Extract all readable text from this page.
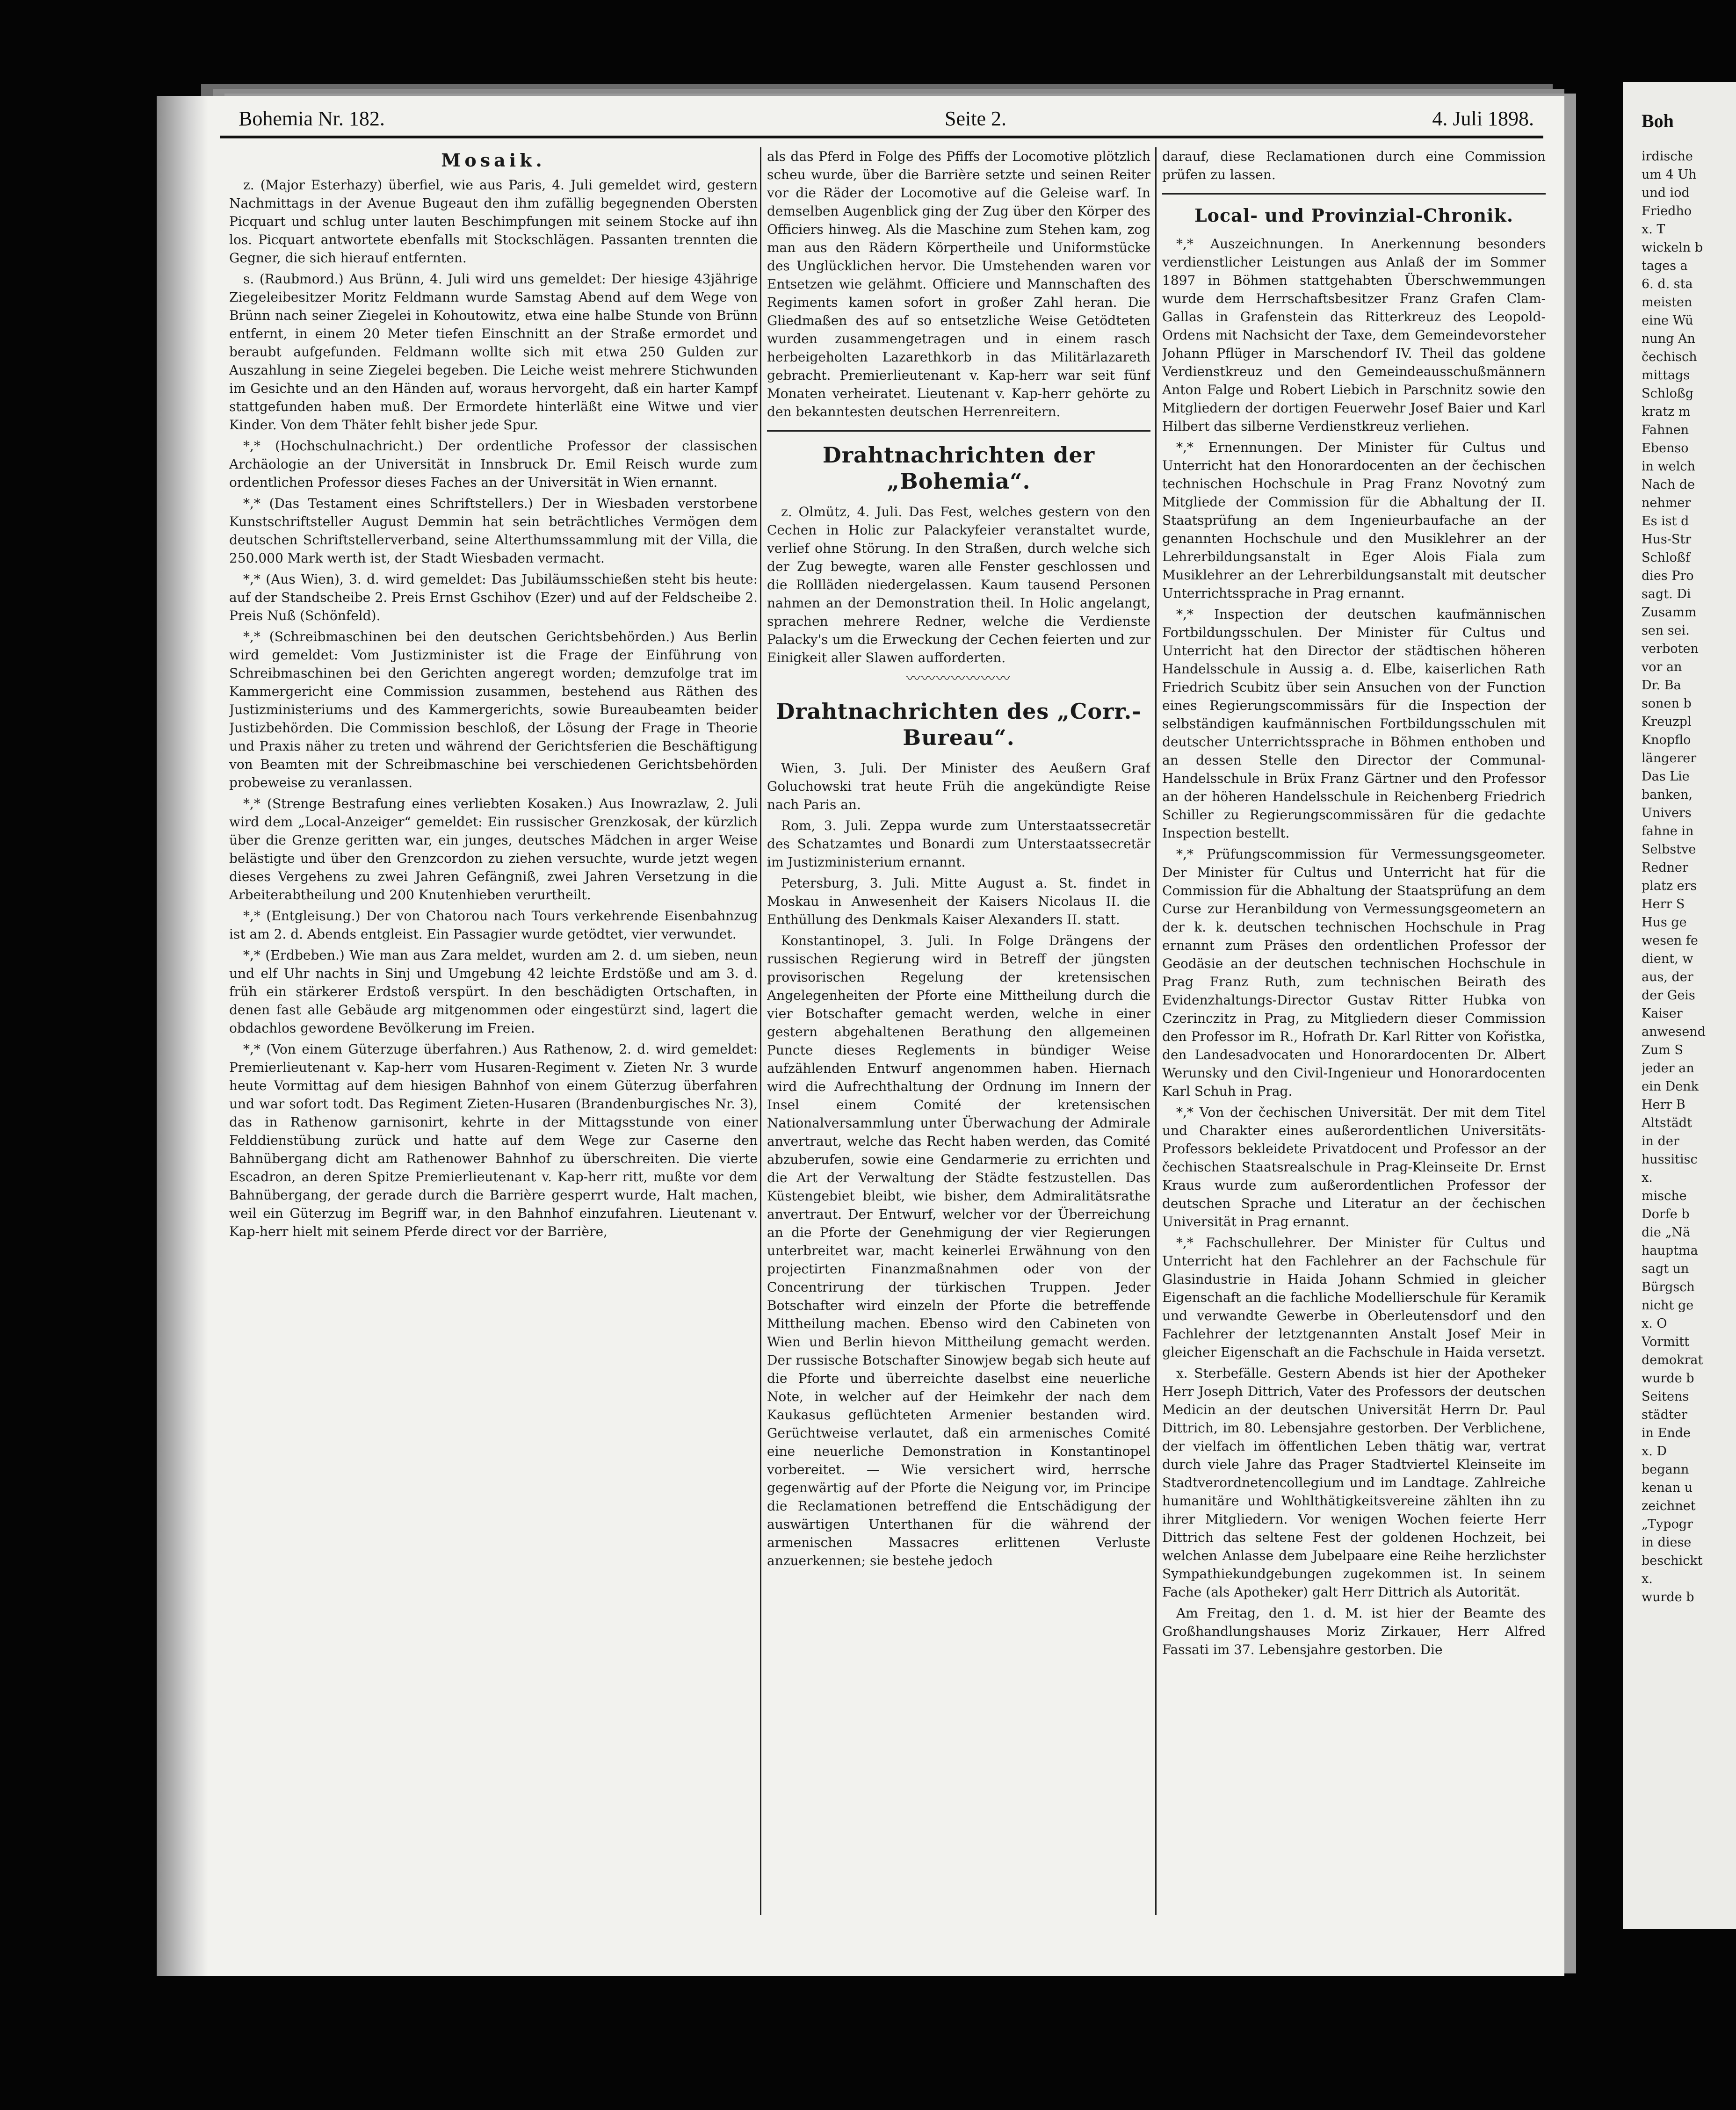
Bohemia Nr. 182.	Seite 2.	4. Juli 1898.
Mosaik.

z. (Major Esterhazy) überfiel, wie aus Paris, 4. Juli gemeldet wird, gestern Nachmittags in der Avenue Bugeaut den ihm zufällig begegnenden Obersten Picquart und schlug unter lauten Beschimpfungen mit seinem Stocke auf ihn los. Picquart antwortete ebenfalls mit Stockschlägen. Passanten trennten die Gegner, die sich hierauf entfernten.

s. (Raubmord.) Aus Brünn, 4. Juli wird uns gemeldet: Der hiesige 43jährige Ziegeleibesitzer Moritz Feldmann wurde Samstag Abend auf dem Wege von Brünn nach seiner Ziegelei in Kohoutowitz, etwa eine halbe Stunde von Brünn entfernt, in einem 20 Meter tiefen Einschnitt an der Straße ermordet und beraubt aufgefunden. Feldmann wollte sich mit etwa 250 Gulden zur Auszahlung in seine Ziegelei begeben. Die Leiche weist mehrere Stichwunden im Gesichte und an den Händen auf, woraus hervorgeht, daß ein harter Kampf stattgefunden haben muß. Der Ermordete hinterläßt eine Witwe und vier Kinder. Von dem Thäter fehlt bisher jede Spur.

*,* (Hochschulnachricht.) Der ordentliche Professor der classischen Archäologie an der Universität in Innsbruck Dr. Emil Reisch wurde zum ordentlichen Professor dieses Faches an der Universität in Wien ernannt.

*,* (Das Testament eines Schriftstellers.) Der in Wiesbaden verstorbene Kunstschriftsteller August Demmin hat sein beträchtliches Vermögen dem deutschen Schriftstellerverband, seine Alterthumssammlung mit der Villa, die 250.000 Mark werth ist, der Stadt Wiesbaden vermacht.

*,* (Aus Wien), 3. d. wird gemeldet: Das Jubiläumsschießen steht bis heute: auf der Standscheibe 2. Preis Ernst Gschihov (Ezer) und auf der Feldscheibe 2. Preis Nuß (Schönfeld).

*,* (Schreibmaschinen bei den deutschen Gerichtsbehörden.) Aus Berlin wird gemeldet: Vom Justizminister ist die Frage der Einführung von Schreibmaschinen bei den Gerichten angeregt worden; demzufolge trat im Kammergericht eine Commission zusammen, bestehend aus Räthen des Justizministeriums und des Kammergerichts, sowie Bureaubeamten beider Justizbehörden. Die Commission beschloß, der Lösung der Frage in Theorie und Praxis näher zu treten und während der Gerichtsferien die Beschäftigung von Beamten mit der Schreibmaschine bei verschiedenen Gerichtsbehörden probeweise zu veranlassen.

*,* (Strenge Bestrafung eines verliebten Kosaken.) Aus Inowrazlaw, 2. Juli wird dem „Local-Anzeiger“ gemeldet: Ein russischer Grenzkosak, der kürzlich über die Grenze geritten war, ein junges, deutsches Mädchen in arger Weise belästigte und über den Grenzcordon zu ziehen versuchte, wurde jetzt wegen dieses Vergehens zu zwei Jahren Gefängniß, zwei Jahren Versetzung in die Arbeiterabtheilung und 200 Knutenhieben verurtheilt.

*,* (Entgleisung.) Der von Chatorou nach Tours verkehrende Eisenbahnzug ist am 2. d. Abends entgleist. Ein Passagier wurde getödtet, vier verwundet.

*,* (Erdbeben.) Wie man aus Zara meldet, wurden am 2. d. um sieben, neun und elf Uhr nachts in Sinj und Umgebung 42 leichte Erdstöße und am 3. d. früh ein stärkerer Erdstoß verspürt. In den beschädigten Ortschaften, in denen fast alle Gebäude arg mitgenommen oder eingestürzt sind, lagert die obdachlos gewordene Bevölkerung im Freien.

*,* (Von einem Güterzuge überfahren.) Aus Rathenow, 2. d. wird gemeldet: Premierlieutenant v. Kap-herr vom Husaren-Regiment v. Zieten Nr. 3 wurde heute Vormittag auf dem hiesigen Bahnhof von einem Güterzug überfahren und war sofort todt. Das Regiment Zieten-Husaren (Brandenburgisches Nr. 3), das in Rathenow garnisonirt, kehrte in der Mittagsstunde von einer Felddienstübung zurück und hatte auf dem Wege zur Caserne den Bahnübergang dicht am Rathenower Bahnhof zu überschreiten. Die vierte Escadron, an deren Spitze Premierlieutenant v. Kap-herr ritt, mußte vor dem Bahnübergang, der gerade durch die Barrière gesperrt wurde, Halt machen, weil ein Güterzug im Begriff war, in den Bahnhof einzufahren. Lieutenant v. Kap-herr hielt mit seinem Pferde direct vor der Barrière,

als das Pferd in Folge des Pfiffs der Locomotive plötzlich scheu wurde, über die Barrière setzte und seinen Reiter vor die Räder der Locomotive auf die Geleise warf. In demselben Augenblick ging der Zug über den Körper des Officiers hinweg. Als die Maschine zum Stehen kam, zog man aus den Rädern Körpertheile und Uniformstücke des Unglücklichen hervor. Die Umstehenden waren vor Entsetzen wie gelähmt. Officiere und Mannschaften des Regiments kamen sofort in großer Zahl heran. Die Gliedmaßen des auf so entsetzliche Weise Getödteten wurden zusammengetragen und in einem rasch herbeigeholten Lazarethkorb in das Militärlazareth gebracht. Premierlieutenant v. Kap-herr war seit fünf Monaten verheiratet. Lieutenant v. Kap-herr gehörte zu den bekanntesten deutschen Herrenreitern.

Drahtnachrichten der „Bohemia“.

z. Olmütz, 4. Juli. Das Fest, welches gestern von den Cechen in Holic zur Palackyfeier veranstaltet wurde, verlief ohne Störung. In den Straßen, durch welche sich der Zug bewegte, waren alle Fenster geschlossen und die Rollläden niedergelassen. Kaum tausend Personen nahmen an der Demonstration theil. In Holic angelangt, sprachen mehrere Redner, welche die Verdienste Palacky's um die Erweckung der Cechen feierten und zur Einigkeit aller Slawen aufforderten.

〰〰〰〰〰〰〰
Drahtnachrichten des „Corr.-Bureau“.

Wien, 3. Juli. Der Minister des Aeußern Graf Goluchowski trat heute Früh die angekündigte Reise nach Paris an.

Rom, 3. Juli. Zeppa wurde zum Unterstaatssecretär des Schatzamtes und Bonardi zum Unterstaatssecretär im Justizministerium ernannt.

Petersburg, 3. Juli. Mitte August a. St. findet in Moskau in Anwesenheit der Kaisers Nicolaus II. die Enthüllung des Denkmals Kaiser Alexanders II. statt.

Konstantinopel, 3. Juli. In Folge Drängens der russischen Regierung wird in Betreff der jüngsten provisorischen Regelung der kretensischen Angelegenheiten der Pforte eine Mittheilung durch die vier Botschafter gemacht werden, welche in einer gestern abgehaltenen Berathung den allgemeinen Puncte dieses Reglements in bündiger Weise aufzählenden Entwurf angenommen haben. Hiernach wird die Aufrechthaltung der Ordnung im Innern der Insel einem Comité der kretensischen Nationalversammlung unter Überwachung der Admirale anvertraut, welche das Recht haben werden, das Comité abzuberufen, sowie eine Gendarmerie zu errichten und die Art der Verwaltung der Städte festzustellen. Das Küstengebiet bleibt, wie bisher, dem Admiralitätsrathe anvertraut. Der Entwurf, welcher vor der Überreichung an die Pforte der Genehmigung der vier Regierungen unterbreitet war, macht keinerlei Erwähnung von den projectirten Finanzmaßnahmen oder von der Concentrirung der türkischen Truppen. Jeder Botschafter wird einzeln der Pforte die betreffende Mittheilung machen. Ebenso wird den Cabineten von Wien und Berlin hievon Mittheilung gemacht werden. Der russische Botschafter Sinowjew begab sich heute auf die Pforte und überreichte daselbst eine neuerliche Note, in welcher auf der Heimkehr der nach dem Kaukasus geflüchteten Armenier bestanden wird. Gerüchtweise verlautet, daß ein armenisches Comité eine neuerliche Demonstration in Konstantinopel vorbereitet. — Wie versichert wird, herrsche gegenwärtig auf der Pforte die Neigung vor, im Principe die Reclamationen betreffend die Entschädigung der auswärtigen Unterthanen für die während der armenischen Massacres erlittenen Verluste anzuerkennen; sie bestehe jedoch

darauf, diese Reclamationen durch eine Commission prüfen zu lassen.

Local- und Provinzial-Chronik.

*,* Auszeichnungen. In Anerkennung besonders verdienstlicher Leistungen aus Anlaß der im Sommer 1897 in Böhmen stattgehabten Überschwemmungen wurde dem Herrschaftsbesitzer Franz Grafen Clam-Gallas in Grafenstein das Ritterkreuz des Leopold-Ordens mit Nachsicht der Taxe, dem Gemeindevorsteher Johann Pflüger in Marschendorf IV. Theil das goldene Verdienstkreuz und den Gemeindeausschußmännern Anton Falge und Robert Liebich in Parschnitz sowie den Mitgliedern der dortigen Feuerwehr Josef Baier und Karl Hilbert das silberne Verdienstkreuz verliehen.

*,* Ernennungen. Der Minister für Cultus und Unterricht hat den Honorardocenten an der čechischen technischen Hochschule in Prag Franz Novotný zum Mitgliede der Commission für die Abhaltung der II. Staatsprüfung an dem Ingenieurbaufache an der genannten Hochschule und den Musiklehrer an der Lehrerbildungsanstalt in Eger Alois Fiala zum Musiklehrer an der Lehrerbildungsanstalt mit deutscher Unterrichtssprache in Prag ernannt.

*,* Inspection der deutschen kaufmännischen Fortbildungsschulen. Der Minister für Cultus und Unterricht hat den Director der städtischen höheren Handelsschule in Aussig a. d. Elbe, kaiserlichen Rath Friedrich Scubitz über sein Ansuchen von der Function eines Regierungscommissärs für die Inspection der selbständigen kaufmännischen Fortbildungsschulen mit deutscher Unterrichtssprache in Böhmen enthoben und an dessen Stelle den Director der Communal-Handelsschule in Brüx Franz Gärtner und den Professor an der höheren Handelsschule in Reichenberg Friedrich Schiller zu Regierungscommissären für die gedachte Inspection bestellt.

*,* Prüfungscommission für Vermessungsgeometer. Der Minister für Cultus und Unterricht hat für die Commission für die Abhaltung der Staatsprüfung an dem Curse zur Heranbildung von Vermessungsgeometern an der k. k. deutschen technischen Hochschule in Prag ernannt zum Präses den ordentlichen Professor der Geodäsie an der deutschen technischen Hochschule in Prag Franz Ruth, zum technischen Beirath des Evidenzhaltungs-Director Gustav Ritter Hubka von Czerinczitz in Prag, zu Mitgliedern dieser Commission den Professor im R., Hofrath Dr. Karl Ritter von Kořistka, den Landesadvocaten und Honorardocenten Dr. Albert Werunsky und den Civil-Ingenieur und Honorardocenten Karl Schuh in Prag.

*,* Von der čechischen Universität. Der mit dem Titel und Charakter eines außerordentlichen Universitäts-Professors bekleidete Privatdocent und Professor an der čechischen Staatsrealschule in Prag-Kleinseite Dr. Ernst Kraus wurde zum außerordentlichen Professor der deutschen Sprache und Literatur an der čechischen Universität in Prag ernannt.

*,* Fachschullehrer. Der Minister für Cultus und Unterricht hat den Fachlehrer an der Fachschule für Glasindustrie in Haida Johann Schmied in gleicher Eigenschaft an die fachliche Modellierschule für Keramik und verwandte Gewerbe in Oberleutensdorf und den Fachlehrer der letztgenannten Anstalt Josef Meir in gleicher Eigenschaft an die Fachschule in Haida versetzt.

x. Sterbefälle. Gestern Abends ist hier der Apotheker Herr Joseph Dittrich, Vater des Professors der deutschen Medicin an der deutschen Universität Herrn Dr. Paul Dittrich, im 80. Lebensjahre gestorben. Der Verblichene, der vielfach im öffentlichen Leben thätig war, vertrat durch viele Jahre das Prager Stadtviertel Kleinseite im Stadtverordnetencollegium und im Landtage. Zahlreiche humanitäre und Wohlthätigkeitsvereine zählten ihn zu ihrer Mitgliedern. Vor wenigen Wochen feierte Herr Dittrich das seltene Fest der goldenen Hochzeit, bei welchen Anlasse dem Jubelpaare eine Reihe herzlichster Sympathiekundgebungen zugekommen ist. In seinem Fache (als Apotheker) galt Herr Dittrich als Autorität.

Am Freitag, den 1. d. M. ist hier der Beamte des Großhandlungshauses Moriz Zirkauer, Herr Alfred Fassati im 37. Lebensjahre gestorben. Die

Boh
irdische
um 4 Uh
und iod
Friedho
x. T
wickeln b
tages a
6. d. sta
meisten
eine Wü
nung An
čechisch
mittags
Schloßg
kratz m
Fahnen
Ebenso
in welch
Nach de
nehmer
Es ist d
Hus-Str
Schloßf
dies Pro
sagt. Di
Zusamm
sen sei.
verboten
vor an
Dr. Ba
sonen b
Kreuzpl
Knopflo
längerer
Das Lie
banken,
Univers
fahne in
Selbstve
Redner
platz ers
Herr S
Hus ge
wesen fe
dient, w
aus, der
der Geis
Kaiser
anwesend
Zum S
jeder an
ein Denk
Herr B
Altstädt
in der
hussitisc
x.
mische
Dorfe b
die „Nä
hauptma
sagt un
Bürgsch
nicht ge
x. O
Vormitt
demokrat
wurde b
Seitens
städter
in Ende
x. D
begann
kenan u
zeichnet
„Typogr
in diese
beschickt
x.
wurde b
